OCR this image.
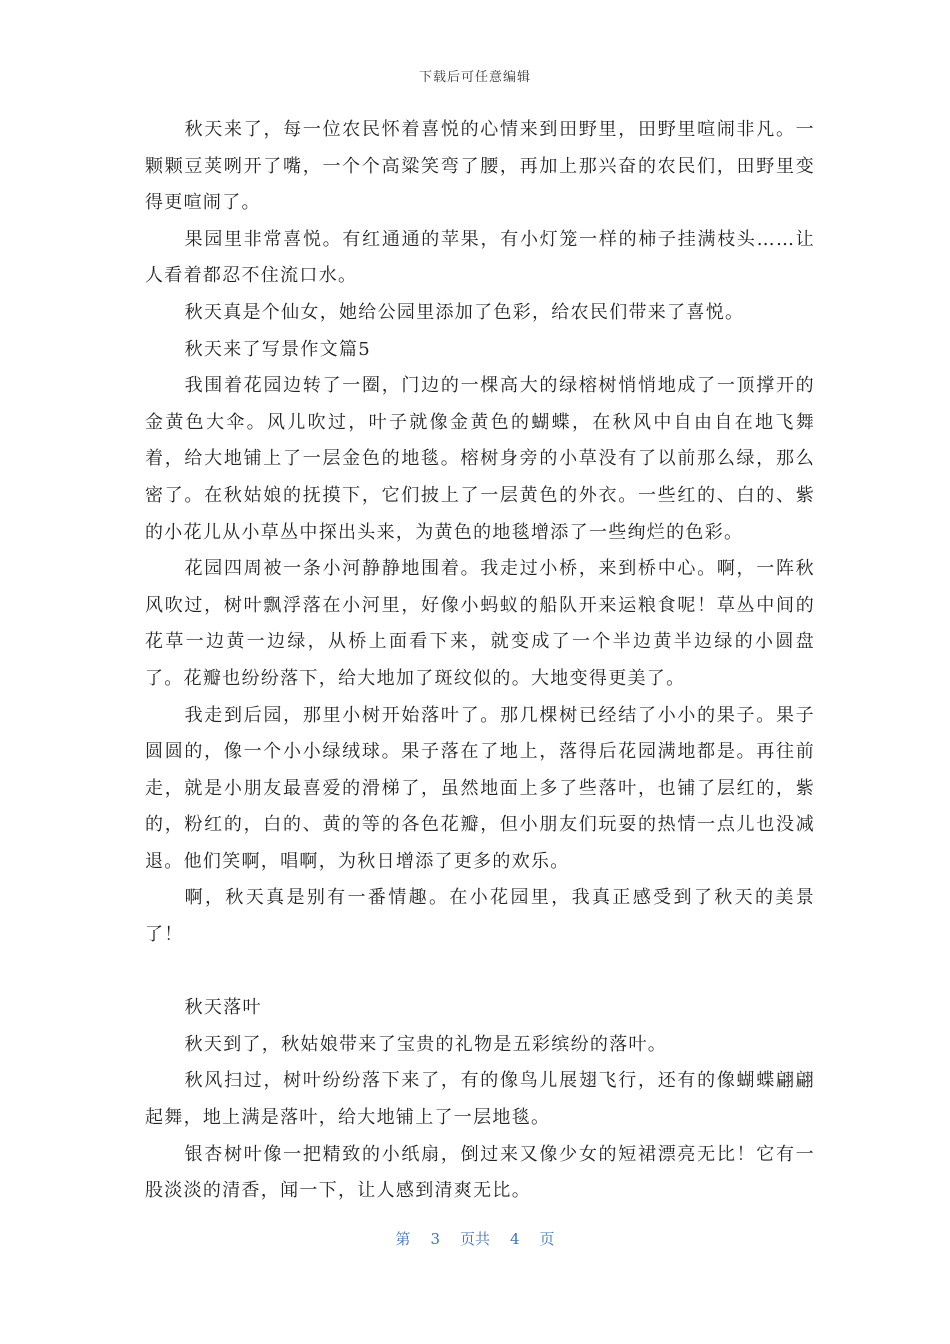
下载后可任意编辑

秋天来了，每一位农民怀着喜悦的心情来到田野里，田野里喧闹非凡。一颗颗豆荚咧开了嘴，一个个高粱笑弯了腰，再加上那兴奋的农民们，田野里变得更喧闹了。

果园里非常喜悦。有红通通的苹果，有小灯笼一样的柿子挂满枝头……让人看着都忍不住流口水。

秋天真是个仙女，她给公园里添加了色彩，给农民们带来了喜悦。

秋天来了写景作文篇5

我围着花园边转了一圈，门边的一棵高大的绿榕树悄悄地成了一顶撑开的金黄色大伞。风儿吹过，叶子就像金黄色的蝴蝶，在秋风中自由自在地飞舞着，给大地铺上了一层金色的地毯。榕树身旁的小草没有了以前那么绿，那么密了。在秋姑娘的抚摸下，它们披上了一层黄色的外衣。一些红的、白的、紫的小花儿从小草丛中探出头来，为黄色的地毯增添了一些绚烂的色彩。

花园四周被一条小河静静地围着。我走过小桥，来到桥中心。啊，一阵秋风吹过，树叶飘浮落在小河里，好像小蚂蚁的船队开来运粮食呢！草丛中间的花草一边黄一边绿，从桥上面看下来，就变成了一个半边黄半边绿的小圆盘了。花瓣也纷纷落下，给大地加了斑纹似的。大地变得更美了。

我走到后园，那里小树开始落叶了。那几棵树已经结了小小的果子。果子圆圆的，像一个小小绿绒球。果子落在了地上，落得后花园满地都是。再往前走，就是小朋友最喜爱的滑梯了，虽然地面上多了些落叶，也铺了层红的，紫的，粉红的，白的、黄的等的各色花瓣，但小朋友们玩耍的热情一点儿也没减退。他们笑啊，唱啊，为秋日增添了更多的欢乐。

啊，秋天真是别有一番情趣。在小花园里，我真正感受到了秋天的美景了！

秋天落叶

秋天到了，秋姑娘带来了宝贵的礼物是五彩缤纷的落叶。

秋风扫过，树叶纷纷落下来了，有的像鸟儿展翅飞行，还有的像蝴蝶翩翩起舞，地上满是落叶，给大地铺上了一层地毯。

银杏树叶像一把精致的小纸扇，倒过来又像少女的短裙漂亮无比！它有一股淡淡的清香，闻一下，让人感到清爽无比。

第 3 页共 4 页
